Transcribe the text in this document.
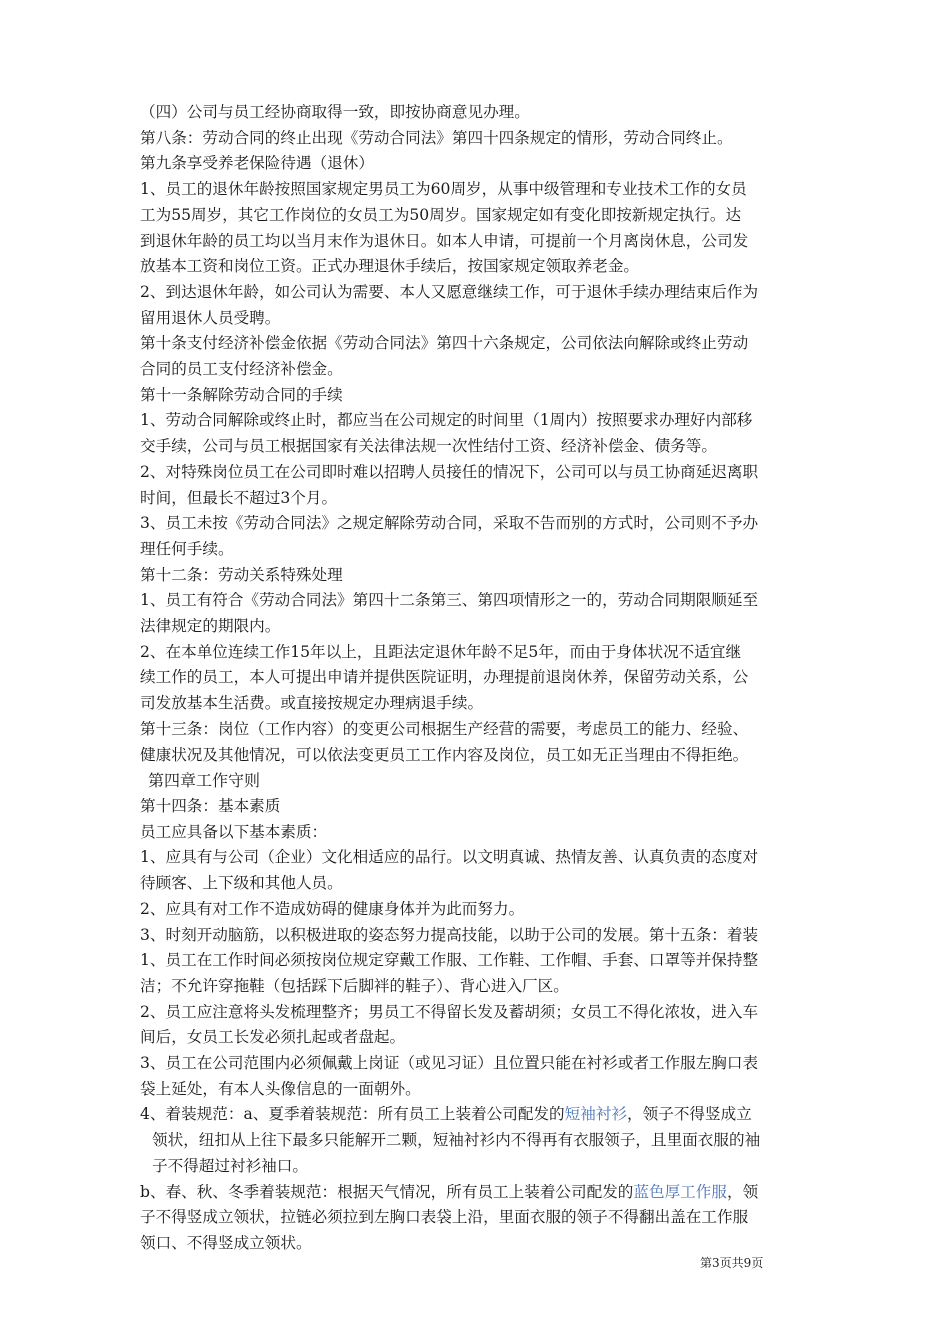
（四）公司与员工经协商取得一致，即按协商意见办理。

第八条：劳动合同的终止出现《劳动合同法》第四十四条规定的情形，劳动合同终止。

第九条享受养老保险待遇（退休）

1、员工的退休年龄按照国家规定男员工为60周岁，从事中级管理和专业技术工作的女员

工为55周岁，其它工作岗位的女员工为50周岁。国家规定如有变化即按新规定执行。达

到退休年龄的员工均以当月末作为退休日。如本人申请，可提前一个月离岗休息，公司发

放基本工资和岗位工资。正式办理退休手续后，按国家规定领取养老金。

2、到达退休年龄，如公司认为需要、本人又愿意继续工作，可于退休手续办理结束后作为

留用退休人员受聘。

第十条支付经济补偿金依据《劳动合同法》第四十六条规定，公司依法向解除或终止劳动

合同的员工支付经济补偿金。

第十一条解除劳动合同的手续

1、劳动合同解除或终止时，都应当在公司规定的时间里（1周内）按照要求办理好内部移

交手续，公司与员工根据国家有关法律法规一次性结付工资、经济补偿金、债务等。

2、对特殊岗位员工在公司即时难以招聘人员接任的情况下，公司可以与员工协商延迟离职

时间，但最长不超过3个月。

3、员工未按《劳动合同法》之规定解除劳动合同，采取不告而别的方式时，公司则不予办

理任何手续。

第十二条：劳动关系特殊处理

1、员工有符合《劳动合同法》第四十二条第三、第四项情形之一的，劳动合同期限顺延至

法律规定的期限内。

2、在本单位连续工作15年以上，且距法定退休年龄不足5年，而由于身体状况不适宜继

续工作的员工，本人可提出申请并提供医院证明，办理提前退岗休养，保留劳动关系，公

司发放基本生活费。或直接按规定办理病退手续。

第十三条：岗位（工作内容）的变更公司根据生产经营的需要，考虑员工的能力、经验、

健康状况及其他情况，可以依法变更员工工作内容及岗位，员工如无正当理由不得拒绝。

第四章工作守则

第十四条：基本素质

员工应具备以下基本素质：

1、应具有与公司（企业）文化相适应的品行。以文明真诚、热情友善、认真负责的态度对

待顾客、上下级和其他人员。

2、应具有对工作不造成妨碍的健康身体并为此而努力。

3、时刻开动脑筋，以积极进取的姿态努力提高技能，以助于公司的发展。第十五条：着装

1、员工在工作时间必须按岗位规定穿戴工作服、工作鞋、工作帽、手套、口罩等并保持整

洁；不允许穿拖鞋（包括踩下后脚袢的鞋子）、背心进入厂区。

2、员工应注意将头发梳理整齐；男员工不得留长发及蓄胡须；女员工不得化浓妆，进入车

间后，女员工长发必须扎起或者盘起。

3、员工在公司范围内必须佩戴上岗证（或见习证）且位置只能在衬衫或者工作服左胸口表

袋上延处，有本人头像信息的一面朝外。

4、着装规范：a、夏季着装规范：所有员工上装着公司配发的短袖衬衫，领子不得竖成立

领状，纽扣从上往下最多只能解开二颗，短袖衬衫内不得再有衣服领子，且里面衣服的袖

子不得超过衬衫袖口。

b、春、秋、冬季着装规范：根据天气情况，所有员工上装着公司配发的蓝色厚工作服，领

子不得竖成立领状，拉链必须拉到左胸口表袋上沿，里面衣服的领子不得翻出盖在工作服

领口、不得竖成立领状。

第3页共9页
